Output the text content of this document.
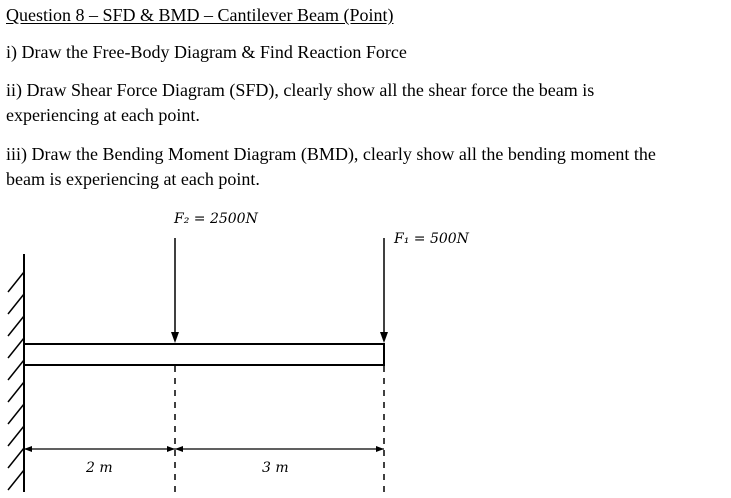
Question 8 – SFD & BMD – Cantilever Beam (Point)
i) Draw the Free-Body Diagram & Find Reaction Force
ii) Draw Shear Force Diagram (SFD), clearly show all the shear force the beam is
experiencing at each point.
iii) Draw the Bending Moment Diagram (BMD), clearly show all the bending moment the
beam is experiencing at each point.
F₂ = 2500N
F₁ = 500N
2 m	3 m
